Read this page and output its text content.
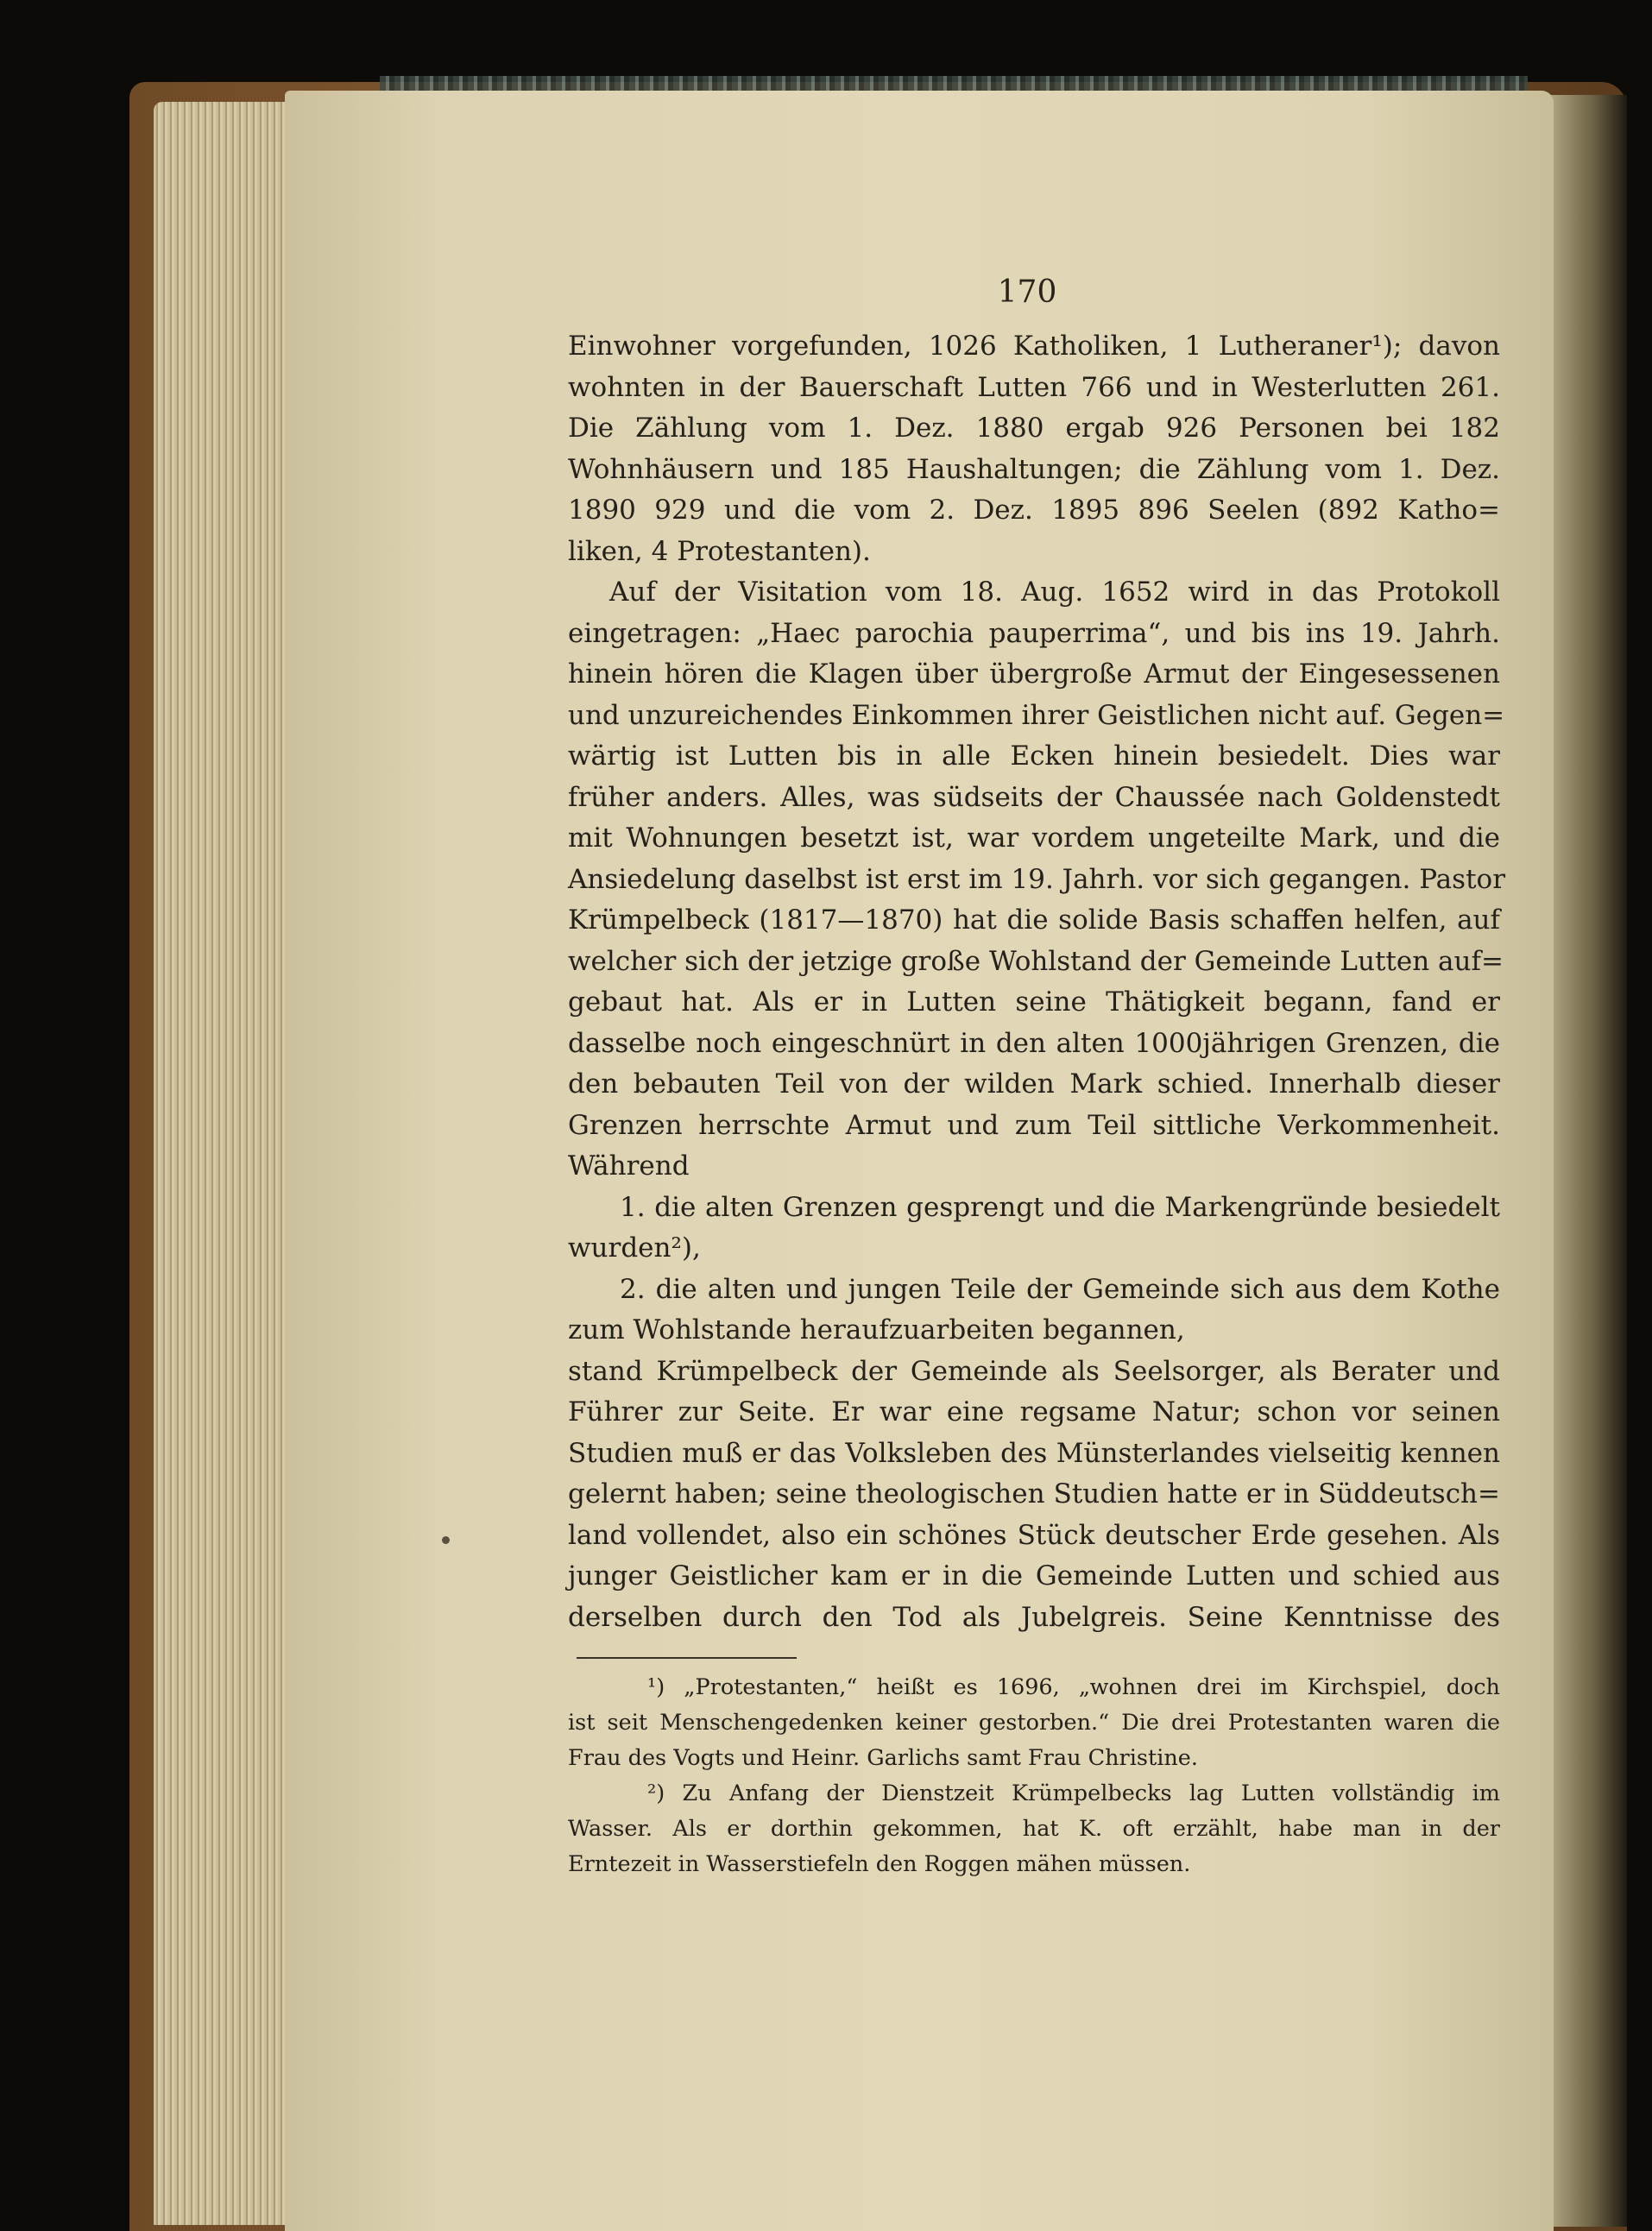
170
Einwohner vorgefunden, 1026 Katholiken, 1 Lutheraner¹); davon
wohnten in der Bauerschaft Lutten 766 und in Westerlutten 261.
Die Zählung vom 1. Dez. 1880 ergab 926 Personen bei 182
Wohnhäusern und 185 Haushaltungen; die Zählung vom 1. Dez.
1890 929 und die vom 2. Dez. 1895 896 Seelen (892 Katho=
liken, 4 Protestanten).
Auf der Visitation vom 18. Aug. 1652 wird in das Protokoll
eingetragen: „Haec parochia pauperrima“, und bis ins 19. Jahrh.
hinein hören die Klagen über übergroße Armut der Eingesessenen
und unzureichendes Einkommen ihrer Geistlichen nicht auf. Gegen=
wärtig ist Lutten bis in alle Ecken hinein besiedelt. Dies war
früher anders. Alles, was südseits der Chaussée nach Goldenstedt
mit Wohnungen besetzt ist, war vordem ungeteilte Mark, und die
Ansiedelung daselbst ist erst im 19. Jahrh. vor sich gegangen. Pastor
Krümpelbeck (1817—1870) hat die solide Basis schaffen helfen, auf
welcher sich der jetzige große Wohlstand der Gemeinde Lutten auf=
gebaut hat. Als er in Lutten seine Thätigkeit begann, fand er
dasselbe noch eingeschnürt in den alten 1000jährigen Grenzen, die
den bebauten Teil von der wilden Mark schied. Innerhalb dieser
Grenzen herrschte Armut und zum Teil sittliche Verkommenheit.
Während
1. die alten Grenzen gesprengt und die Markengründe besiedelt
wurden²),
2. die alten und jungen Teile der Gemeinde sich aus dem Kothe
zum Wohlstande heraufzuarbeiten begannen,
stand Krümpelbeck der Gemeinde als Seelsorger, als Berater und
Führer zur Seite. Er war eine regsame Natur; schon vor seinen
Studien muß er das Volksleben des Münsterlandes vielseitig kennen
gelernt haben; seine theologischen Studien hatte er in Süddeutsch=
land vollendet, also ein schönes Stück deutscher Erde gesehen. Als
junger Geistlicher kam er in die Gemeinde Lutten und schied aus
derselben durch den Tod als Jubelgreis. Seine Kenntnisse des
¹) „Protestanten,“ heißt es 1696, „wohnen drei im Kirchspiel, doch
ist seit Menschengedenken keiner gestorben.“ Die drei Protestanten waren die
Frau des Vogts und Heinr. Garlichs samt Frau Christine.
²) Zu Anfang der Dienstzeit Krümpelbecks lag Lutten vollständig im
Wasser. Als er dorthin gekommen, hat K. oft erzählt, habe man in der
Erntezeit in Wasserstiefeln den Roggen mähen müssen.
